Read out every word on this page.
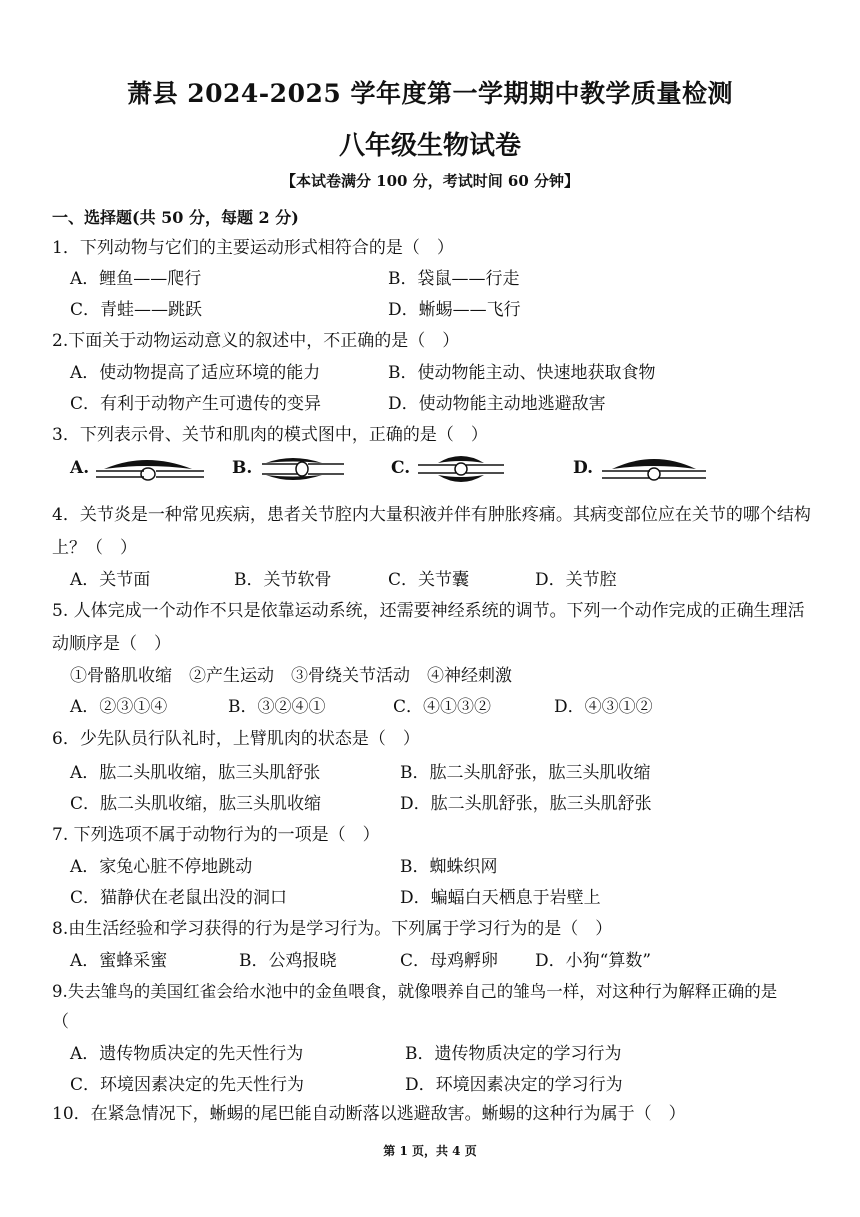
萧县 2024-2025 学年度第一学期期中教学质量检测
八年级生物试卷
【本试卷满分 100 分，考试时间 60 分钟】
一、选择题(共 50 分，每题 2 分)
1．下列动物与它们的主要运动形式相符合的是（　）
A．鲤鱼——爬行	B．袋鼠——行走
C．青蛙——跳跃	D．蜥蜴——飞行
2.下面关于动物运动意义的叙述中，不正确的是（　）
A．使动物提高了适应环境的能力	B．使动物能主动、快速地获取食物
C．有利于动物产生可遗传的变异	D．使动物能主动地逃避敌害
3．下列表示骨、关节和肌肉的模式图中，正确的是（　）
A.	B.	C.	D.
4．关节炎是一种常见疾病，患者关节腔内大量积液并伴有肿胀疼痛。其病变部位应在关节的哪个结构
上？（　）
A．关节面	B．关节软骨	C．关节囊	D．关节腔
5. 人体完成一个动作不只是依靠运动系统，还需要神经系统的调节。下列一个动作完成的正确生理活
动顺序是（　）
①骨骼肌收缩　②产生运动　③骨绕关节活动　④神经刺激
A．②③①④	B．③②④①	C．④①③②	D．④③①②
6．少先队员行队礼时，上臂肌肉的状态是（　）
A．肱二头肌收缩，肱三头肌舒张	B．肱二头肌舒张，肱三头肌收缩
C．肱二头肌收缩，肱三头肌收缩	D．肱二头肌舒张，肱三头肌舒张
7. 下列选项不属于动物行为的一项是（　）
A．家兔心脏不停地跳动	B．蜘蛛织网
C．猫静伏在老鼠出没的洞口	D．蝙蝠白天栖息于岩壁上
8.由生活经验和学习获得的行为是学习行为。下列属于学习行为的是（　）
A．蜜蜂采蜜	B．公鸡报晓	C．母鸡孵卵 D．小狗“算数”
9.失去雏鸟的美国红雀会给水池中的金鱼喂食，就像喂养自己的雏鸟一样，对这种行为解释正确的是
（
A．遗传物质决定的先天性行为	B．遗传物质决定的学习行为
C．环境因素决定的先天性行为	D．环境因素决定的学习行为
10．在紧急情况下，蜥蜴的尾巴能自动断落以逃避敌害。蜥蜴的这种行为属于（　）
第 1 页，共 4 页
